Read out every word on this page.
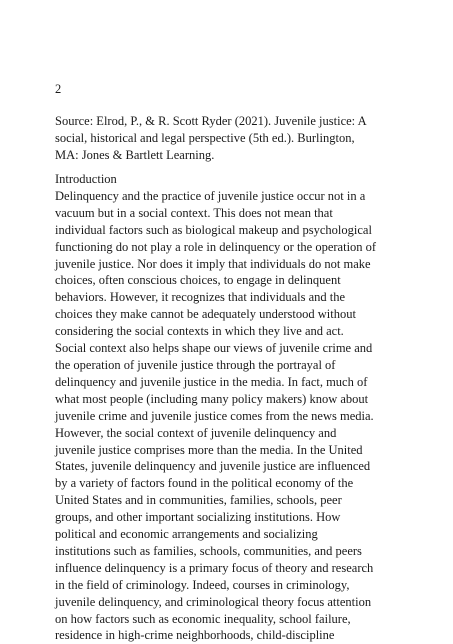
2
Source: Elrod, P., & R. Scott Ryder (2021). Juvenile justice: A
social, historical and legal perspective (5th ed.). Burlington,
MA: Jones & Bartlett Learning.
Introduction
Delinquency and the practice of juvenile justice occur not in a
vacuum but in a social context. This does not mean that
individual factors such as biological makeup and psychological
functioning do not play a role in delinquency or the operation of
juvenile justice. Nor does it imply that individuals do not make
choices, often conscious choices, to engage in delinquent
behaviors. However, it recognizes that individuals and the
choices they make cannot be adequately understood without
considering the social contexts in which they live and act.
Social context also helps shape our views of juvenile crime and
the operation of juvenile justice through the portrayal of
delinquency and juvenile justice in the media. In fact, much of
what most people (including many policy makers) know about
juvenile crime and juvenile justice comes from the news media.
However, the social context of juvenile delinquency and
juvenile justice comprises more than the media. In the United
States, juvenile delinquency and juvenile justice are influenced
by a variety of factors found in the political economy of the
United States and in communities, families, schools, peer
groups, and other important socializing institutions. How
political and economic arrangements and socializing
institutions such as families, schools, communities, and peers
influence delinquency is a primary focus of theory and research
in the field of criminology. Indeed, courses in criminology,
juvenile delinquency, and criminological theory focus attention
on how factors such as economic inequality, school failure,
residence in high-crime neighborhoods, child-discipline
